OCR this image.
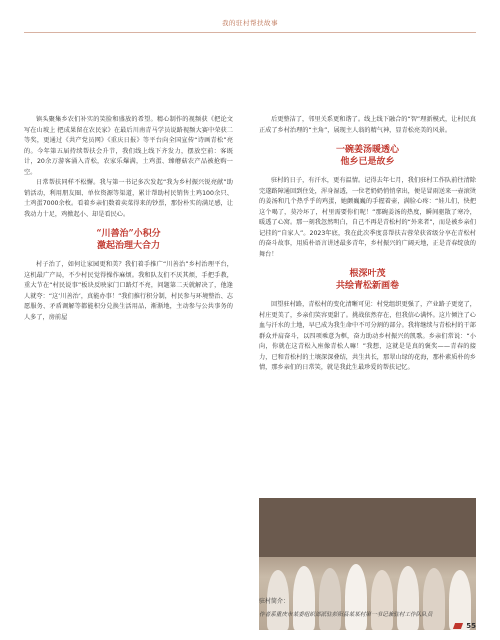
我的驻村帮扶故事

镇头聚集乡农们补实的笑脸和盛放的希望。精心制作的视频获《把论文写在山坡上 把成果留在农民家》在最后川南青马学员说路视频大赛中荣获二等奖，更通过《共产党员网》《重庆日报》等平台向全国宣传“诗画青松”亮的。今年第五届持续帮扶会升节，我们线上线下齐发力，摆放空前：客既计，20余万游客涌入青松，农家乐爆满，土鸡蛋、臻蘑菇农产品被抢购一空。

日常帮扶同样不松懈。我与第一书记多次发起“我为乡村振兴锐亮献”助销活动，利用朋友圈、单位资源等渠道，累计帮助村民销售土鸡100余只、土鸡蛋7000余枚。看着乡亲们数着卖菜得来的钞票，那份朴实的满足感，让我动力十足，鸡掀起小、却是看民心。

“川善治”小积分
激起治理大合力

村子治了，如何让家园更和美？我们着手推广“川善治”乡村治理平台，这机最广产局，不少村民觉得操作麻烦。我和队友们不厌其烦，手把手教，重大节在“村民说事”板块反映家门口路灯不亮，问题第二天就解决了，他逢人就夸：“这‘川善治’，真能办事！”我们推行积分制，村民参与环境整治、志愿服务、矛盾调解等都能积分兑换生活用品，渐渐地，主动参与公共事务的人多了，房前屋

后更整洁了，邻里关系更和谐了。线上线下融合的“智”理新模式，让村民真正成了乡村治理的“主角”，展现主人翁的精气神，显青松亮美的风景。

一碗姜汤暖透心
他乡已是故乡

驻村的日子，有汗水，更有温情。记得去年七月，我们驻村工作队前往清除完遂路障通回到住处，浑身湿透，一位老奶奶悄悄拿出，便是冒雨送来一壶滚烫的姜汤和几个热乎乎的鸡蛋，她颤巍巍的手握着壶，满脸心疼：“娃儿们，快把这个喝了，莫冷坏了，村里需要你们呢！”那碗姜汤的热度，瞬间驱散了寒冷，暖透了心窝。那一刻我忽然明白，自己不再是青松村的“外来者”，而是被乡亲们记挂的“自家人”。2023年底，我在此次季度喜帮扶吉蓉荣获省级分享在青松村的奋斗故事，用质朴语言讲述最多青年，乡村振兴的广阔天地，正是青春绽放的舞台！

根深叶茂
共绘青松新画卷

回望驻村路，青松村的变化清晰可见：村党组织更强了，产业路子更宽了，村庄更美了，乡亲们笑容更甜了。挑战依然存在，但我信心满怀。这片倾注了心血与汗水的土地，早已成为我生命中不可分割的部分。我将继续与青松村的干部群众并肩奋斗，以四项乘意为框，奋力助动乡村振兴的凯歌。乡亲们常说：“小向，你就在这青松入座像青松人嘛！”我想，这就是是真的褒奖——青春的接力，已和青松村的土壤深深叠结，共生共长，那翠山绿的花海，那朴素质朴的乡情，那乡亲们的日常笑，就是我此生最珍爱的帮扶记忆。

驻村简介：
作者系重庆市某委组织部派驻彭阳县某某村第一书记兼驻村工作队队员
55
